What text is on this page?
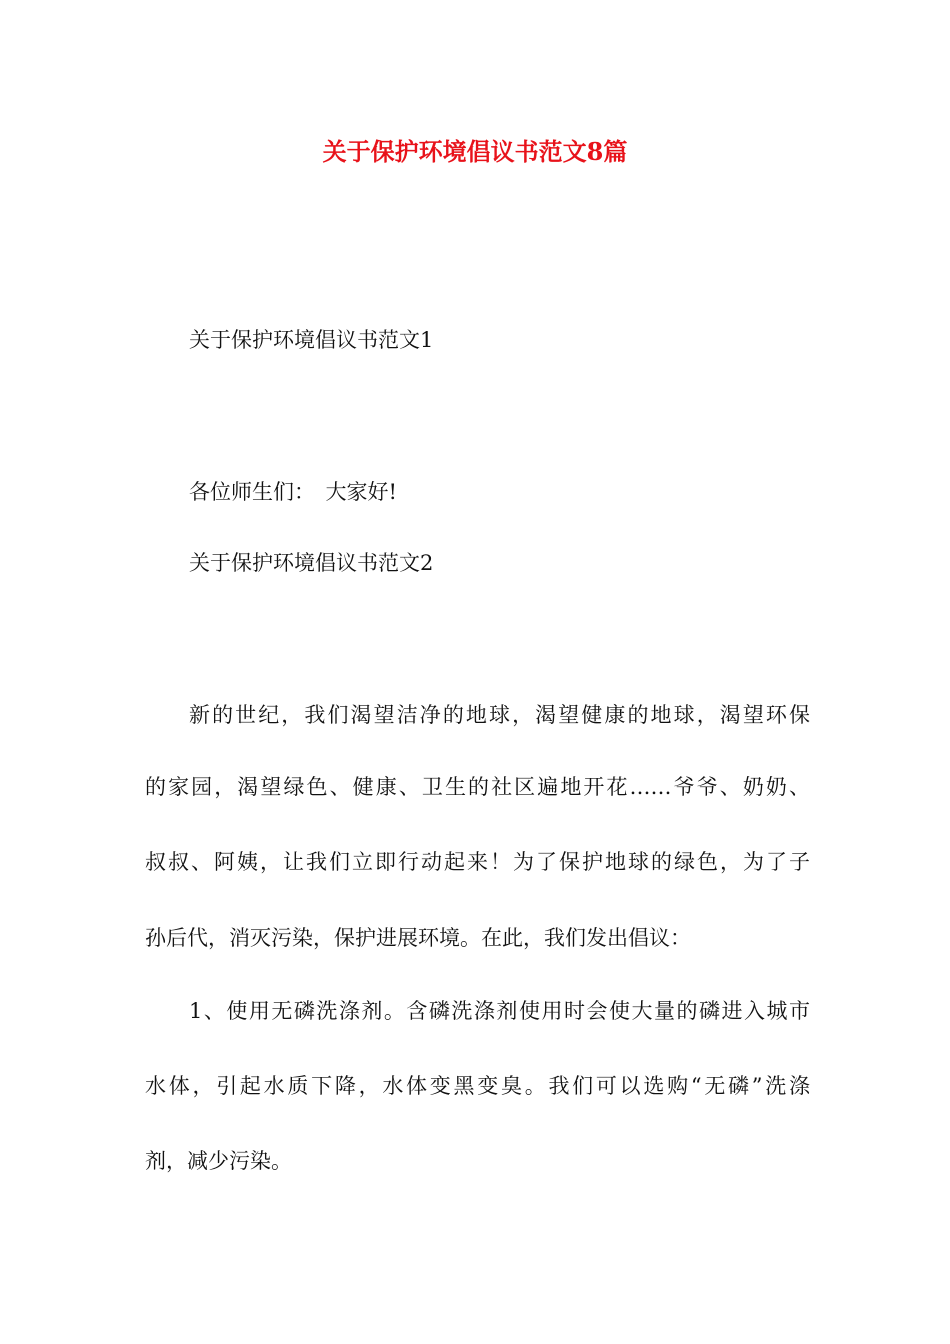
关于保护环境倡议书范文8篇

关于保护环境倡议书范文1

各位师生们：　大家好!

关于保护环境倡议书范文2

新的世纪，我们渴望洁净的地球，渴望健康的地球，渴望环保

的家园，渴望绿色、健康、卫生的社区遍地开花……爷爷、奶奶、

叔叔、阿姨，让我们立即行动起来！为了保护地球的绿色，为了子

孙后代，消灭污染，保护进展环境。在此，我们发出倡议：

1、使用无磷洗涤剂。含磷洗涤剂使用时会使大量的磷进入城市

水体，引起水质下降，水体变黑变臭。我们可以选购“无磷”洗涤

剂，减少污染。
